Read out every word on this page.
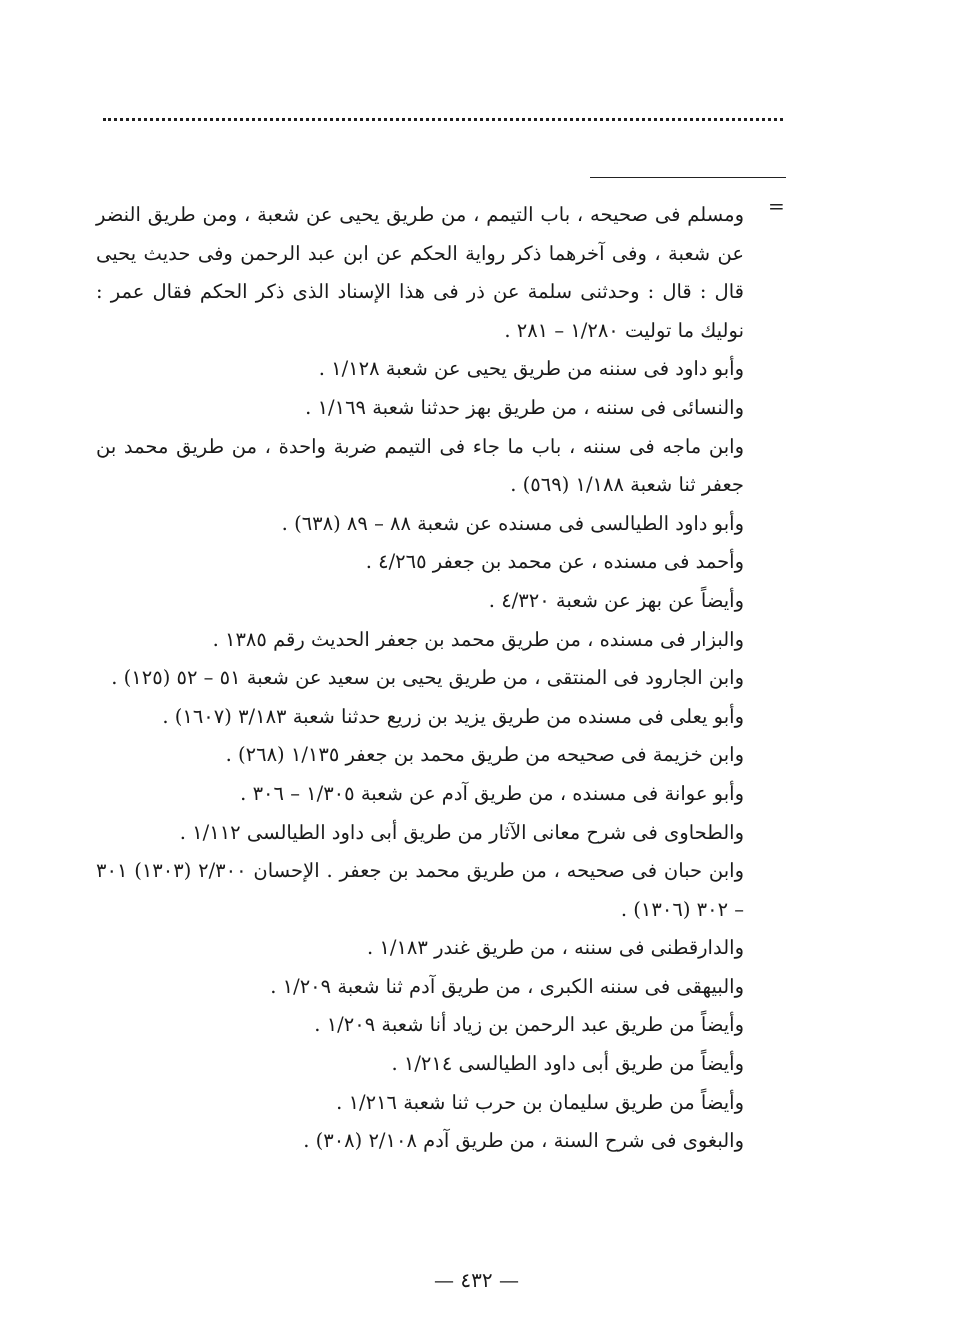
=

ومسلم فى صحيحه ، باب التيمم ، من طريق يحيى عن شعبة ، ومن طريق النضر عن شعبة ، وفى آخرهما ذكر رواية الحكم عن ابن عبد الرحمن وفى حديث يحيى قال : قال : وحدثنى سلمة عن ذر فى هذا الإسناد الذى ذكر الحكم فقال عمر : نوليك ما توليت ١/٢٨٠ – ٢٨١ .

وأبو داود فى سننه من طريق يحيى عن شعبة ١/١٢٨ .

والنسائى فى سننه ، من طريق بهز حدثنا شعبة ١/١٦٩ .

وابن ماجه فى سننه ، باب ما جاء فى التيمم ضربة واحدة ، من طريق محمد بن جعفر ثنا شعبة ١/١٨٨ (٥٦٩) .

وأبو داود الطيالسى فى مسنده عن شعبة ٨٨ – ٨٩ (٦٣٨) .

وأحمد فى مسنده ، عن محمد بن جعفر ٤/٢٦٥ .

وأيضاً عن بهز عن شعبة ٤/٣٢٠ .

والبزار فى مسنده ، من طريق محمد بن جعفر الحديث رقم ١٣٨٥ .

وابن الجارود فى المنتقى ، من طريق يحيى بن سعيد عن شعبة ٥١ – ٥٢ (١٢٥) .

وأبو يعلى فى مسنده من طريق يزيد بن زريع حدثنا شعبة ٣/١٨٣ (١٦٠٧) .

وابن خزيمة فى صحيحه من طريق محمد بن جعفر ١/١٣٥ (٢٦٨) .

وأبو عوانة فى مسنده ، من طريق آدم عن شعبة ١/٣٠٥ – ٣٠٦ .

والطحاوى فى شرح معانى الآثار من طريق أبى داود الطيالسى ١/١١٢ .

وابن حبان فى صحيحه ، من طريق محمد بن جعفر . الإحسان ٢/٣٠٠ (١٣٠٣) ٣٠١ – ٣٠٢ (١٣٠٦) .

والدارقطنى فى سننه ، من طريق غندر ١/١٨٣ .

والبيهقى فى سننه الكبرى ، من طريق آدم ثنا شعبة ١/٢٠٩ .

وأيضاً من طريق عبد الرحمن بن زياد أنا شعبة ١/٢٠٩ .

وأيضاً من طريق أبى داود الطيالسى ١/٢١٤ .

وأيضاً من طريق سليمان بن حرب ثنا شعبة ١/٢١٦ .

والبغوى فى شرح السنة ، من طريق آدم ٢/١٠٨ (٣٠٨) .

— ٤٣٢ —
